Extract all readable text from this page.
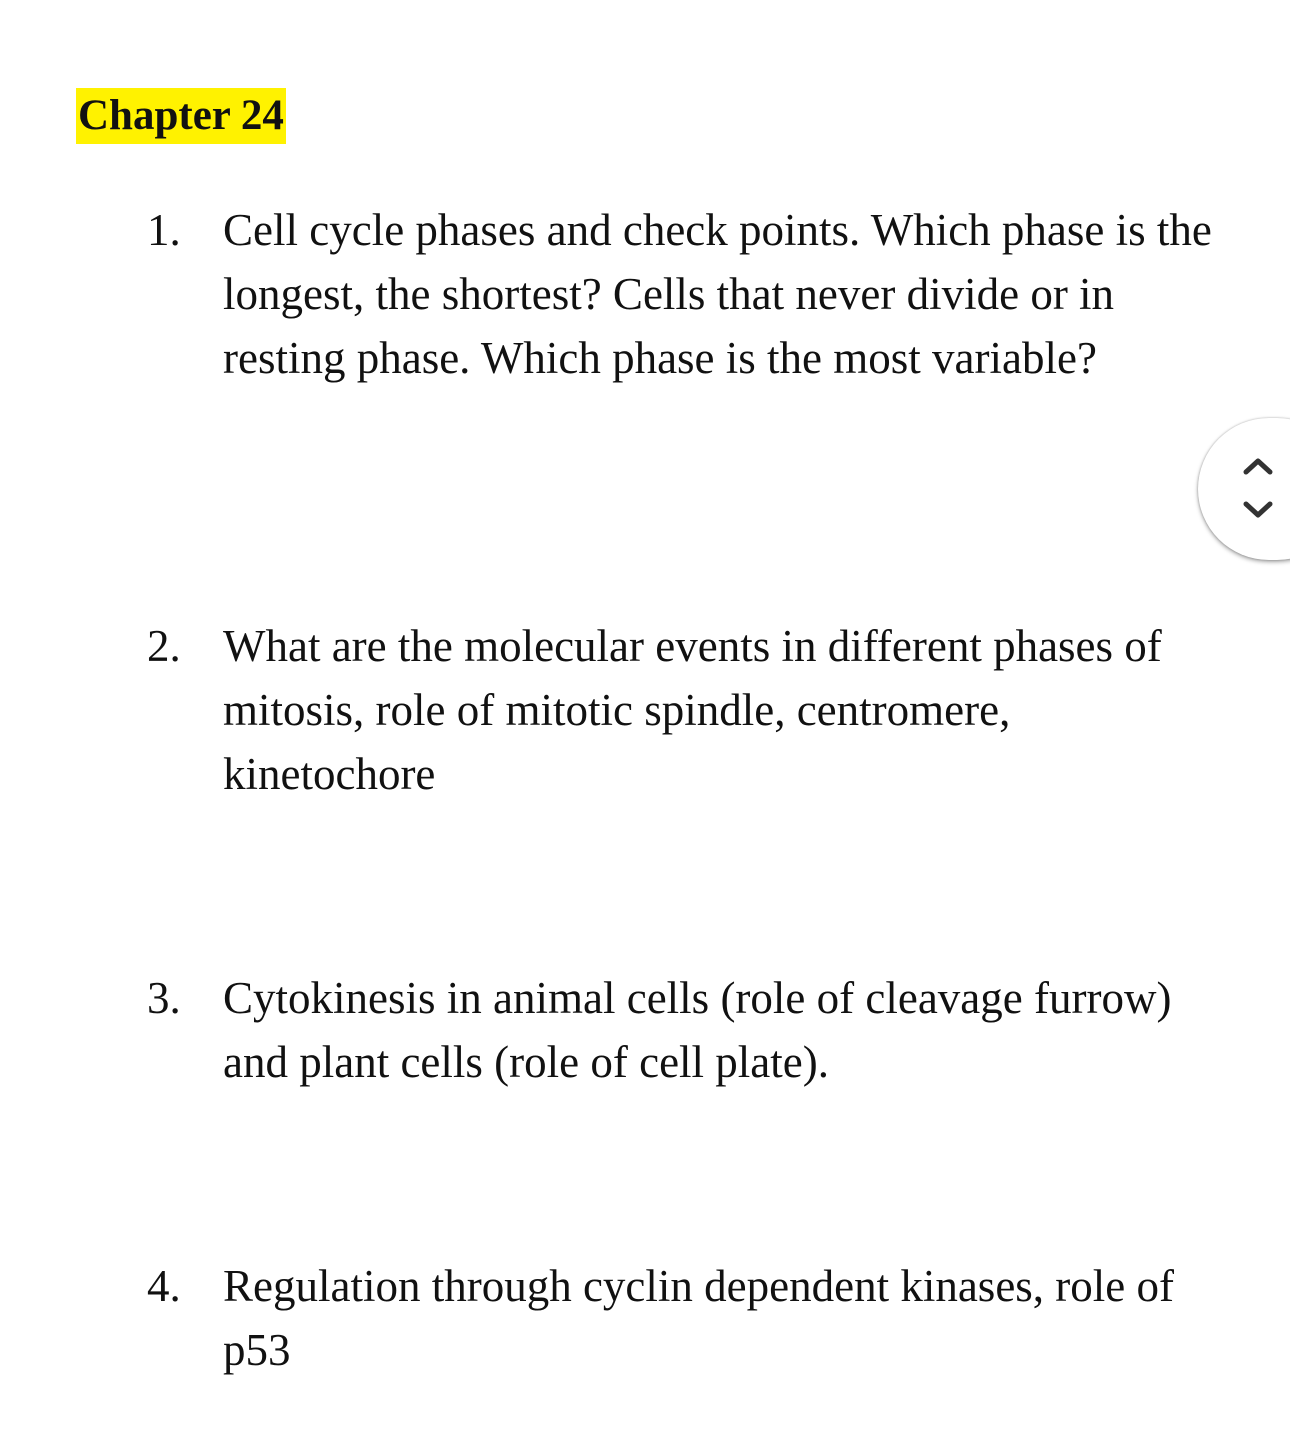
Chapter 24
1. Cell cycle phases and check points. Which phase is the longest, the shortest? Cells that never divide or in resting phase. Which phase is the most variable?
2. What are the molecular events in different phases of mitosis, role of mitotic spindle, centromere, kinetochore
3. Cytokinesis in animal cells (role of cleavage furrow) and plant cells (role of cell plate).
4. Regulation through cyclin dependent kinases, role of p53
